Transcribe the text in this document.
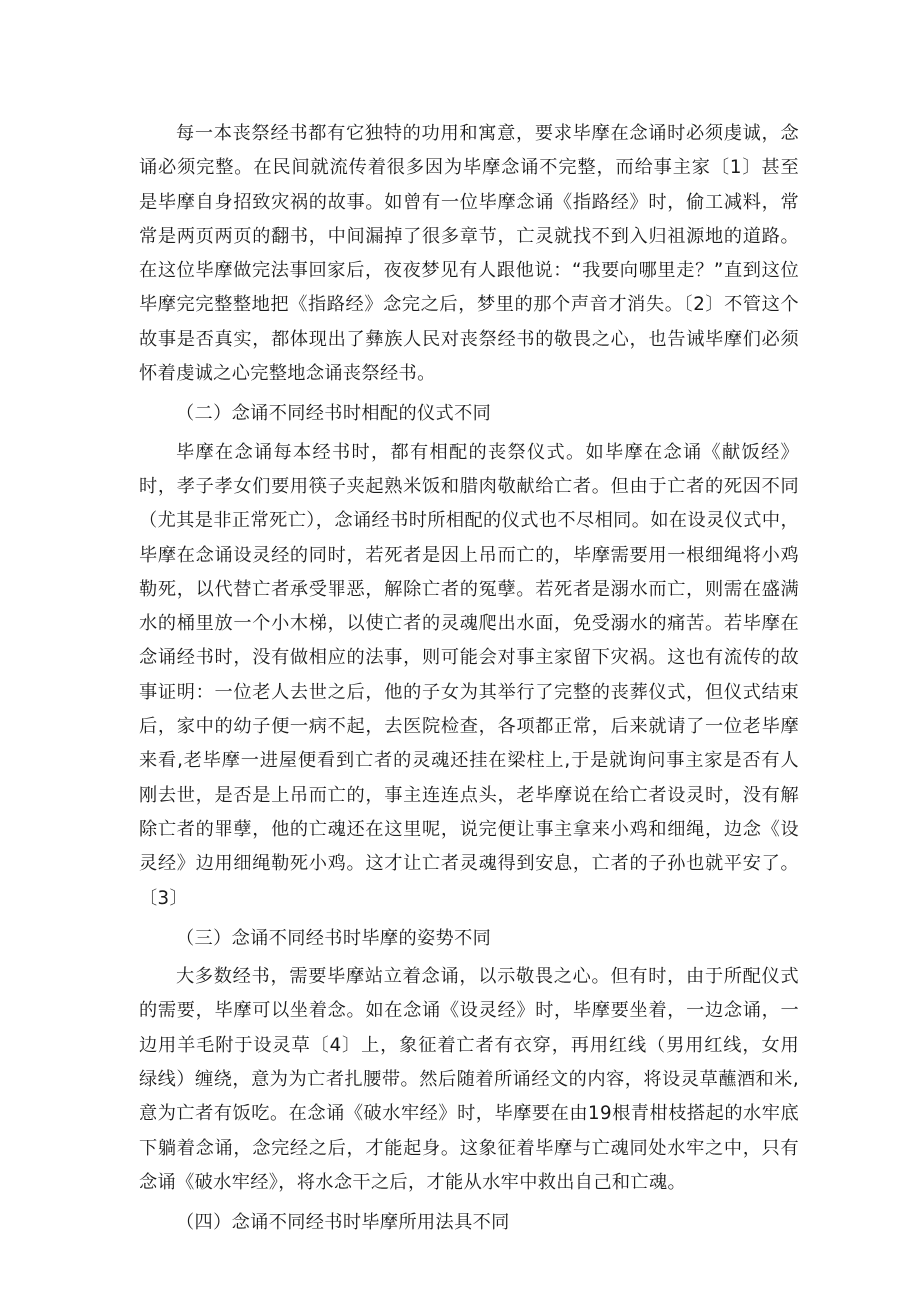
每一本丧祭经书都有它独特的功用和寓意，要求毕摩在念诵时必须虔诚，念诵必须完整。在民间就流传着很多因为毕摩念诵不完整，而给事主家〔1〕甚至是毕摩自身招致灾祸的故事。如曾有一位毕摩念诵《指路经》时，偷工减料，常常是两页两页的翻书，中间漏掉了很多章节，亡灵就找不到入归祖源地的道路。在这位毕摩做完法事回家后，夜夜梦见有人跟他说：“我要向哪里走？”直到这位毕摩完完整整地把《指路经》念完之后，梦里的那个声音才消失。〔2〕不管这个故事是否真实，都体现出了彝族人民对丧祭经书的敬畏之心，也告诫毕摩们必须怀着虔诚之心完整地念诵丧祭经书。

（二）念诵不同经书时相配的仪式不同

毕摩在念诵每本经书时，都有相配的丧祭仪式。如毕摩在念诵《献饭经》时，孝子孝女们要用筷子夹起熟米饭和腊肉敬献给亡者。但由于亡者的死因不同（尤其是非正常死亡），念诵经书时所相配的仪式也不尽相同。如在设灵仪式中，毕摩在念诵设灵经的同时，若死者是因上吊而亡的，毕摩需要用一根细绳将小鸡勒死，以代替亡者承受罪恶，解除亡者的冤孽。若死者是溺水而亡，则需在盛满水的桶里放一个小木梯，以使亡者的灵魂爬出水面，免受溺水的痛苦。若毕摩在念诵经书时，没有做相应的法事，则可能会对事主家留下灾祸。这也有流传的故事证明：一位老人去世之后，他的子女为其举行了完整的丧葬仪式，但仪式结束后，家中的幼子便一病不起，去医院检查，各项都正常，后来就请了一位老毕摩来看,老毕摩一进屋便看到亡者的灵魂还挂在梁柱上,于是就询问事主家是否有人刚去世，是否是上吊而亡的，事主连连点头，老毕摩说在给亡者设灵时，没有解除亡者的罪孽，他的亡魂还在这里呢，说完便让事主拿来小鸡和细绳，边念《设灵经》边用细绳勒死小鸡。这才让亡者灵魂得到安息，亡者的子孙也就平安了。〔3〕

（三）念诵不同经书时毕摩的姿势不同

大多数经书，需要毕摩站立着念诵，以示敬畏之心。但有时，由于所配仪式的需要，毕摩可以坐着念。如在念诵《设灵经》时，毕摩要坐着，一边念诵，一边用羊毛附于设灵草〔4〕上，象征着亡者有衣穿，再用红线（男用红线，女用绿线）缠绕，意为为亡者扎腰带。然后随着所诵经文的内容，将设灵草蘸酒和米,意为亡者有饭吃。在念诵《破水牢经》时，毕摩要在由19根青柑枝搭起的水牢底下躺着念诵，念完经之后，才能起身。这象征着毕摩与亡魂同处水牢之中，只有念诵《破水牢经》，将水念干之后，才能从水牢中救出自己和亡魂。

（四）念诵不同经书时毕摩所用法具不同
